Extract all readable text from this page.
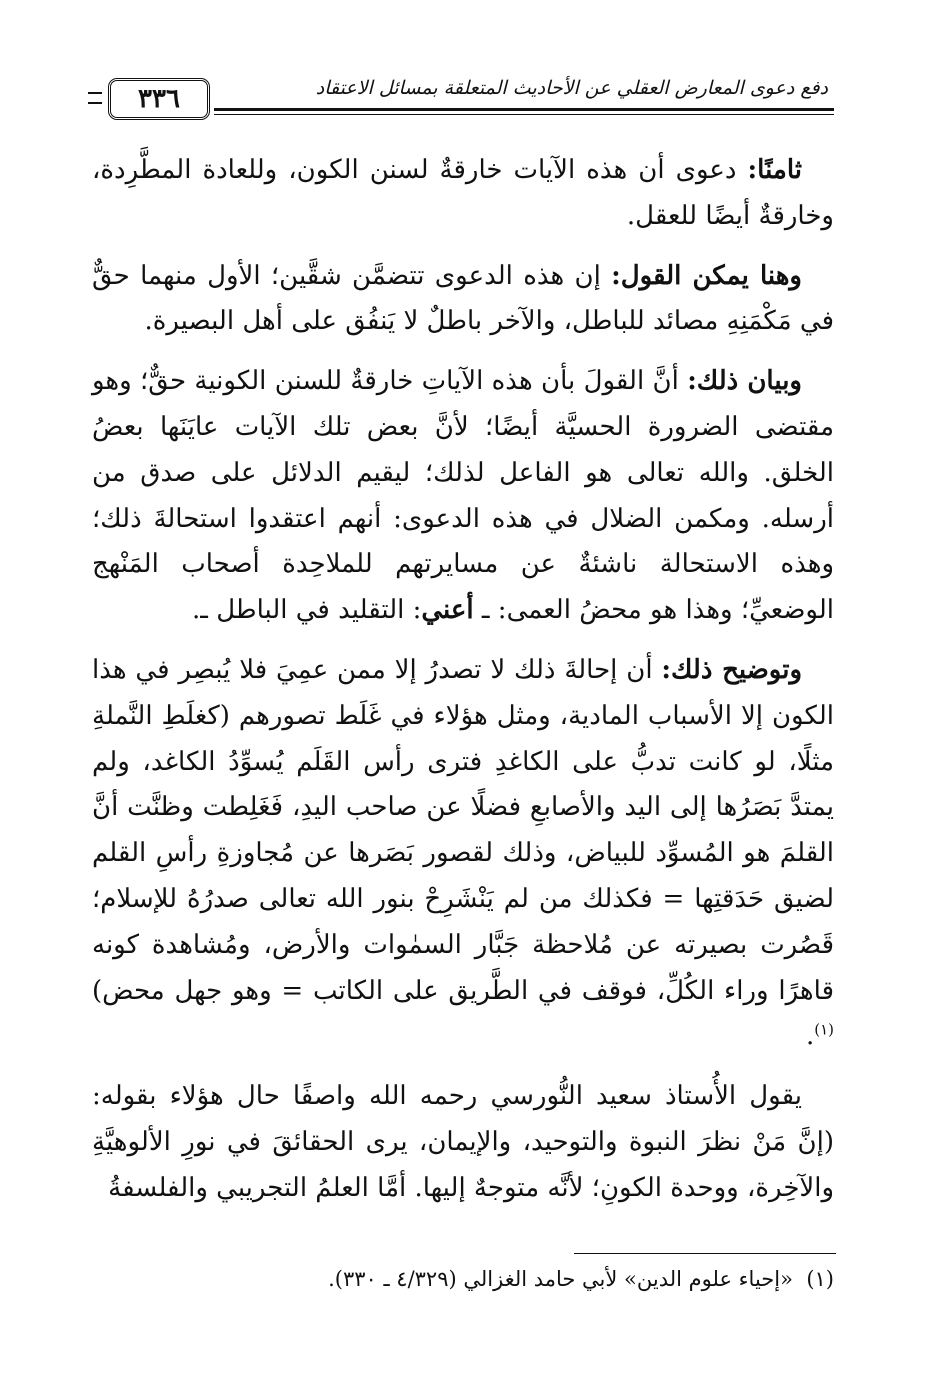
٣٣٦	دفع دعوى المعارض العقلي عن الأحاديث المتعلقة بمسائل الاعتقاد

ثامنًا: دعوى أن هذه الآيات خارقةٌ لسنن الكون، وللعادة المطَّرِدة، وخارقةٌ أيضًا للعقل.

وهنا يمكن القول: إن هذه الدعوى تتضمَّن شقَّين؛ الأول منهما حقٌّ في مَكْمَنِهِ مصائد للباطل، والآخر باطلٌ لا يَنفُق على أهل البصيرة.

وبيان ذلك: أنَّ القولَ بأن هذه الآياتِ خارقةٌ للسنن الكونية حقٌّ؛ وهو مقتضى الضرورة الحسيَّة أيضًا؛ لأنَّ بعض تلك الآيات عايَنَها بعضُ الخلق. والله تعالى هو الفاعل لذلك؛ ليقيم الدلائل على صدق من أرسله. ومكمن الضلال في هذه الدعوى: أنهم اعتقدوا استحالةَ ذلك؛ وهذه الاستحالة ناشئةٌ عن مسايرتهم للملاحِدة أصحاب المَنْهج الوضعيِّ؛ وهذا هو محضُ العمى: ـ أعني: التقليد في الباطل ـ.

وتوضيح ذلك: أن إحالةَ ذلك لا تصدرُ إلا ممن عمِيَ فلا يُبصِر في هذا الكون إلا الأسباب المادية، ومثل هؤلاء في غَلَط تصورهم (كغلَطِ النَّملةِ مثلًا، لو كانت تدبُّ على الكاغدِ فترى رأس القَلَم يُسوِّدُ الكاغد، ولم يمتدَّ بَصَرُها إلى اليد والأصابعِ فضلًا عن صاحب اليدِ، فَغَلِطت وظنَّت أنَّ القلمَ هو المُسوِّد للبياض، وذلك لقصور بَصَرها عن مُجاوزةِ رأسِ القلم لضيق حَدَقتِها = فكذلك من لم يَنْشَرِحْ بنور الله تعالى صدرُهُ للإسلام؛ قَصُرت بصيرته عن مُلاحظة جَبَّار السمٰوات والأرض، ومُشاهدة كونه قاهرًا وراء الكُلِّ، فوقف في الطَّريق على الكاتب = وهو جهل محض)$^{(١)}$.

يقول الأُستاذ سعيد النُّورسي رحمه الله واصفًا حال هؤلاء بقوله: (إنَّ مَنْ نظرَ النبوة والتوحيد، والإيمان، يرى الحقائقَ في نورِ الألوهيَّةِ والآخِرة، ووحدة الكونِ؛ لأنَّه متوجهٌ إليها. أمَّا العلمُ التجريبي والفلسفةُ

(١)  «إحياء علوم الدين» لأبي حامد الغزالي (٤/٣٢٩ ـ ٣٣٠).
